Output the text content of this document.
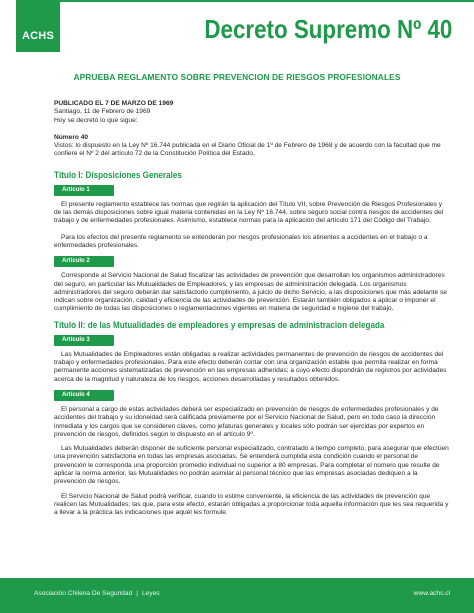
ACHS	Decreto Supremo Nº 40
APRUEBA REGLAMENTO SOBRE PREVENCION DE RIESGOS PROFESIONALES

PUBLICADO EL 7 DE MARZO DE 1969

Santiago, 11 de Febrero de 1969

Hoy se decretó lo que sigue:

Número 40

Vistos: lo dispuesto en la Ley Nº 16.744 publicada en el Diario Oficial de 1º de Febrero de 1968 y de acuerdo con la facultad que me confiere el Nº 2 del artículo 72 de la Constitución Política del Estado,

Título I: Disposiciones Generales
Artículo 1

El presente reglamento establece las normas que regirán la aplicación del Título VII, sobre Prevención de Riesgos Profesionales y de las demás disposiciones sobre igual materia contenidas en la Ley Nº 16.744, sobre seguro social contra riesgos de accidentes del trabajo y de enfermedades profesionales. Asimismo, establece normas para la aplicación del artículo 171 del Código del Trabajo.

Para los efectos del presente reglamento se entenderán por riesgos profesionales los atinentes a accidentes en el trabajo o a enfermedades profesionales.

Artículo 2

Corresponde al Servicio Nacional de Salud fiscalizar las actividades de prevención que desarrollan los organismos administradores del seguro, en particular las Mutualidades de Empleadores, y las empresas de administración delegada. Los organismos administradores del seguro deberán dar satisfactorio cumplimiento, a juicio de dicho Servicio, a las disposiciones que más adelante se indican sobre organización, calidad y eficiencia de las actividades de prevención. Estarán también obligados a aplicar o imponer el cumplimiento de todas las disposiciones o reglamentaciones vigentes en materia de seguridad e higiene del trabajo.

Título II: de las Mutualidades de empleadores y empresas de administracion delegada
Artículo 3

Las Mutualidades de Empleadores están obligadas a realizar actividades permanentes de prevención de riesgos de accidentes del trabajo y enfermedades profesionales. Para este efecto deberán contar con una organización estable que permita realizar en forma permanente acciones sistematizadas de prevención en las empresas adheridas; a cuyo efecto dispondrán de registros por actividades acerca de la magnitud y naturaleza de los riesgos, acciones desarrolladas y resultados obtenidos.

Artículo 4

El personal a cargo de estas actividades deberá ser especializado en prevención de riesgos de enfermedades profesionales y de accidentes del trabajo y su idoneidad será calificada previamente por el Servicio Nacional de Salud, pero en todo caso la dirección inmediata y los cargos que se consideren claves, como jefaturas generales y locales sólo podrán ser ejercidas por expertos en prevención de riesgos, definidos según lo dispuesto en el artículo 9º.

Las Mutualidades deberán disponer de suficiente personal especializado, contratado a tiempo completo, para asegurar que efectúen una prevención satisfactoria en todas las empresas asociadas. Se entenderá cumplida esta condición cuando el personal de prevención le corresponda una proporción promedio individual no superior a 80 empresas. Para completar el número que resulte de aplicar la norma anterior, las Mutualidades no podrán asimilar al personal técnico que las empresas asociadas dediquen a la prevención de riesgos.

El Servicio Nacional de Salud podrá verificar, cuando lo estime conveniente, la eficiencia de las actividades de prevención que realicen las Mutualidades; las que, para este efecto, estarán obligadas a proporcionar toda aquella información que les sea requerida y a llevar a la práctica las indicaciones que aquél les formule.

Asociación Chilena De Seguridad | Leyes	www.achs.cl
